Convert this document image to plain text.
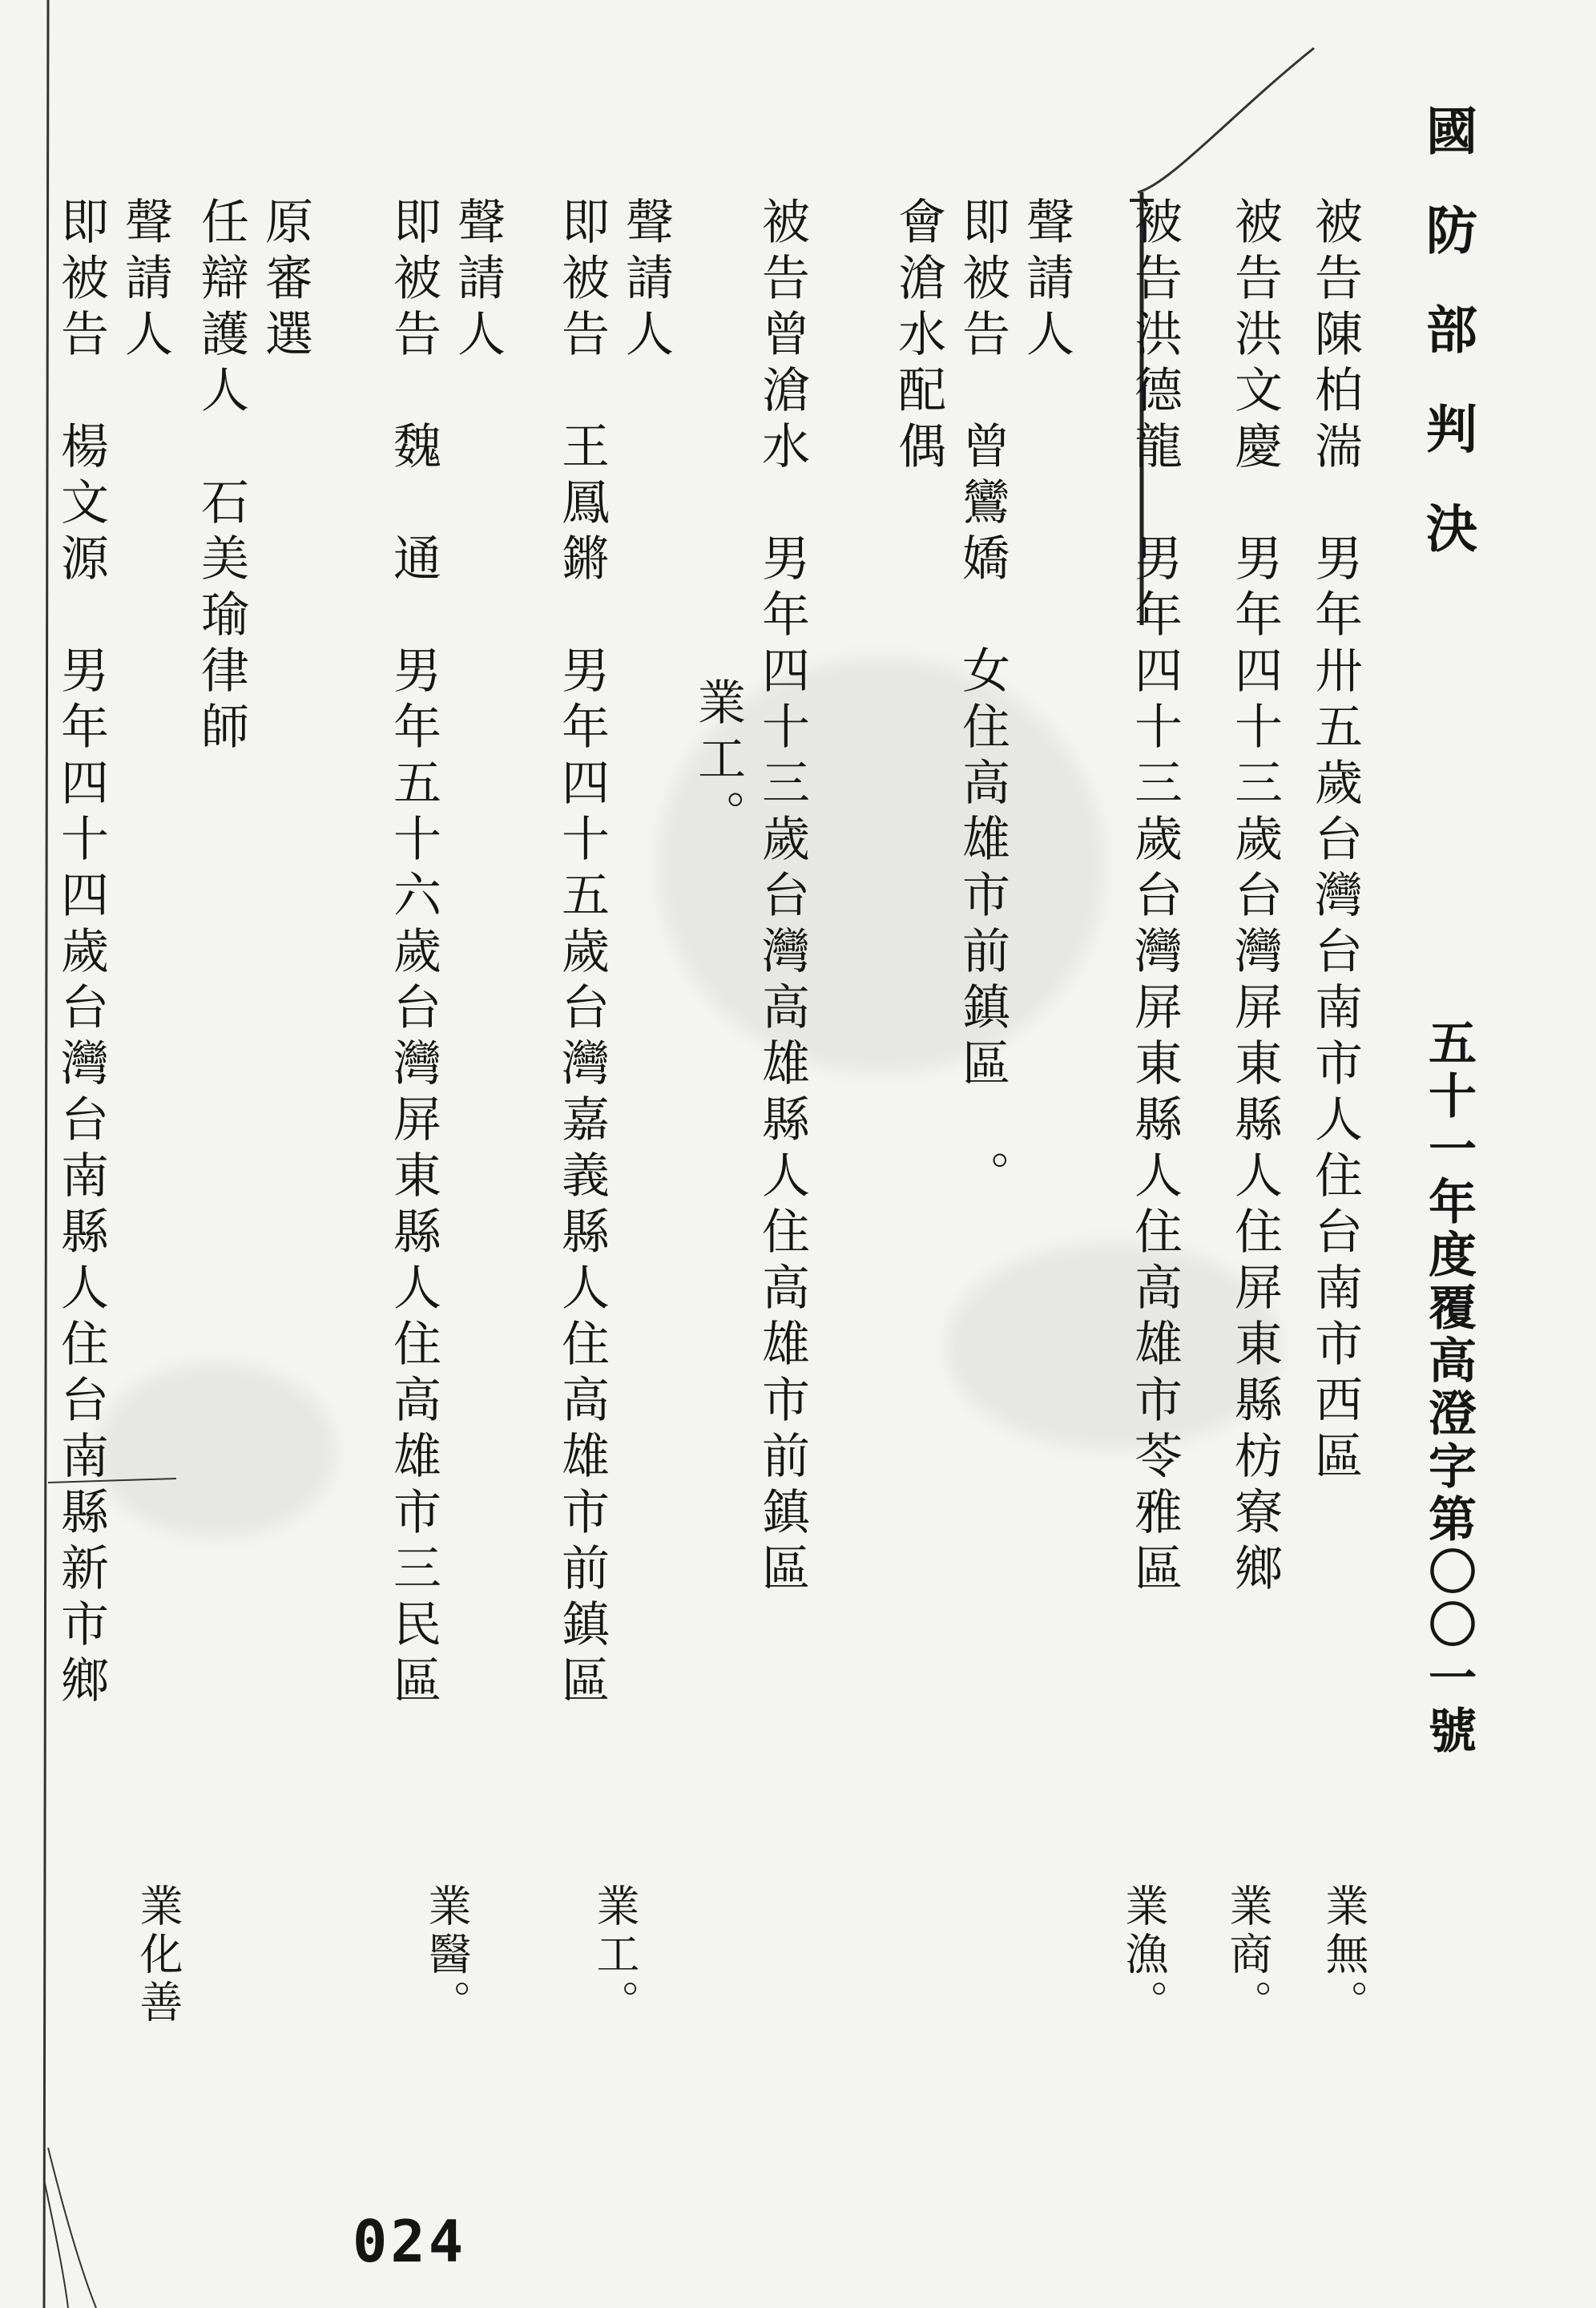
國防部判決
五十一年度覆高澄字第〇〇一號
被告陳柏湍　男年卅五歲台灣台南市人住台南市西區
被告洪文慶　男年四十三歲台灣屏東縣人住屏東縣枋寮鄉
被告洪德龍　男年四十三歲台灣屏東縣人住高雄市苓雅區
聲請人
即被告　曾鸞嬌　女住高雄市前鎮區　。
會滄水配偶
被告曾滄水　男年四十三歲台灣高雄縣人住高雄市前鎮區
業工。
聲請人
即被告　王鳳鏘　男年四十五歲台灣嘉義縣人住高雄市前鎮區
聲請人
即被告　魏　通　男年五十六歲台灣屏東縣人住高雄市三民區
原審選
任辯護人　石美瑜律師
聲請人
即被告　楊文源　男年四十四歲台灣台南縣人住台南縣新市鄉
業無。
業商。
業漁。
業工。
業醫。
業化善
024
